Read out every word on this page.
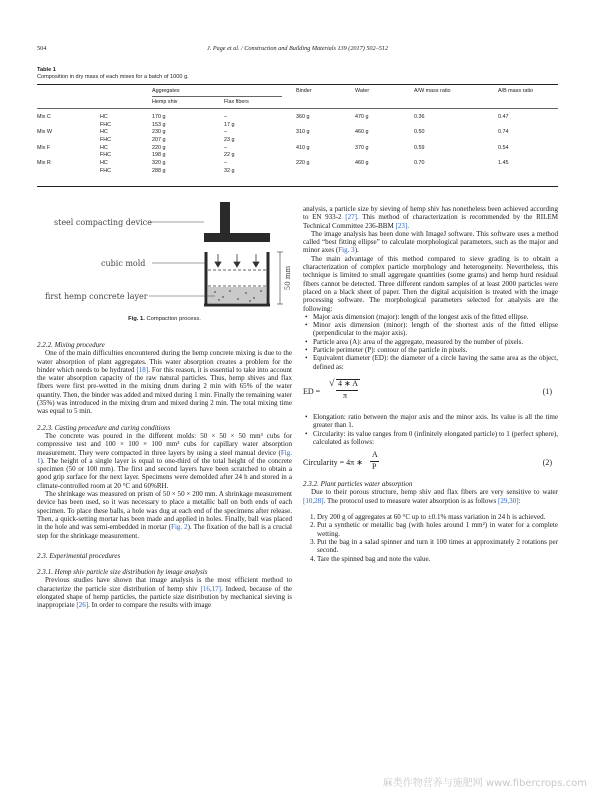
504	J. Page et al. / Construction and Building Materials 139 (2017) 502–512
Table 1
Composition in dry mass of each mixes for a batch of 1000 g.
Aggregates	Binder	Water	A/W mass ratio	A/B mass ratio
Hemp shiv	Flax fibers
Mix C	HC	170 g	–	360 g	470 g	0.36	0.47
FHC	153 g	17 g
Mix W	HC	230 g	–	310 g	460 g	0.50	0.74
FHC	207 g	23 g
Mix F	HC	220 g	–	410 g	370 g	0.59	0.54
FHC	198 g	22 g
Mix R	HC	320 g	–	220 g	460 g	0.70	1.45
FHC	288 g	32 g
50 mm
steel compacting device
cubic mold
first hemp concrete layer
Fig. 1. Compaction process.

2.2.2. Mixing procedure

One of the main difficulties encountered during the hemp concrete mixing is due to the water absorption of plant aggregates. This water absorption creates a problem for the binder which needs to be hydrated [18]. For this reason, it is essential to take into account the water absorption capacity of the raw natural particles. Thus, hemp shives and flax fibers were first pre-wetted in the mixing drum during 2 min with 65% of the water quantity. Then, the binder was added and mixed during 1 min. Finally the remaining water (35%) was introduced in the mixing drum and mixed during 2 min. The total mixing time was equal to 5 min.

2.2.3. Casting procedure and curing conditions

The concrete was poured in the different molds: 50 × 50 × 50 mm³ cubs for compressive test and 100 × 100 × 100 mm³ cubs for capillary water absorption measurement. They were compacted in three layers by using a steel manual device (Fig. 1). The height of a single layer is equal to one-third of the total height of the concrete specimen (50 or 100 mm). The first and second layers have been scratched to obtain a good grip surface for the next layer. Specimens were demolded after 24 h and stored in a climate-controlled room at 20 °C and 60%RH.

The shrinkage was measured on prism of 50 × 50 × 200 mm. A shrinkage measurement device has been used, so it was necessary to place a metallic ball on both ends of each specimen. To place these balls, a hole was dug at each end of the specimens after release. Then, a quick-setting mortar has been made and applied in holes. Finally, ball was placed in the hole and was semi-embedded in mortar (Fig. 2). The fixation of the ball is a crucial step for the shrinkage measurement.

2.3. Experimental procedures

2.3.1. Hemp shiv particle size distribution by image analysis

Previous studies have shown that image analysis is the most efficient method to characterize the particle size distribution of hemp shiv [16,17]. Indeed, because of the elongated shape of hemp particles, the particle size distribution by mechanical sieving is inappropriate [26]. In order to compare the results with image

analysis, a particle size by sieving of hemp shiv has nonetheless been achieved according to EN 933-2 [27]. This method of characterization is recommended by the RILEM Technical Committee 236-BBM [23].

The image analysis has been done with ImageJ software. This software uses a method called “best fitting ellipse” to calculate morphological parameters, such as the major and minor axes (Fig. 3).

The main advantage of this method compared to sieve grading is to obtain a characterization of complex particle morphology and heterogeneity. Nevertheless, this technique is limited to small aggregate quantities (some grams) and hemp hurd residual fibers cannot be detected. Three different random samples of at least 2000 particles were placed on a black sheet of paper. Then the digital acquisition is treated with the image processing software. The morphological parameters selected for analysis are the following:

• Major axis dimension (major): length of the longest axis of the fitted ellipse.
• Minor axis dimension (minor): length of the shortest axis of the fitted ellipse (perpendicular to the major axis).
• Particle area (A): area of the aggregate, measured by the number of pixels.
• Particle perimeter (P): contour of the particle in pixels.
• Equivalent diameter (ED): the diameter of a circle having the same area as the object, defined as:
ED =
√ 4 ∗ A
π	(1)
• Elongation: ratio between the major axis and the minor axis. Its value is all the time greater than 1.
• Circularity: its value ranges from 0 (infinitely elongated particle) to 1 (perfect sphere), calculated as follows:
Circularity = 4π ∗
A
P	(2)

2.3.2. Plant particles water absorption

Due to their porous structure, hemp shiv and flax fibers are very sensitive to water [10,28]. The protocol used to measure water absorption is as follows [29,30]:

1. Dry 200 g of aggregates at 60 °C up to ±0.1% mass variation in 24 h is achieved.
2. Put a synthetic or metallic bag (with holes around 1 mm²) in water for a complete wetting.
3. Put the bag in a salad spinner and turn it 100 times at approximately 2 rotations per second.
4. Tare the spinned bag and note the value.
麻类作物营养与施肥网 www.fibercrops.com
